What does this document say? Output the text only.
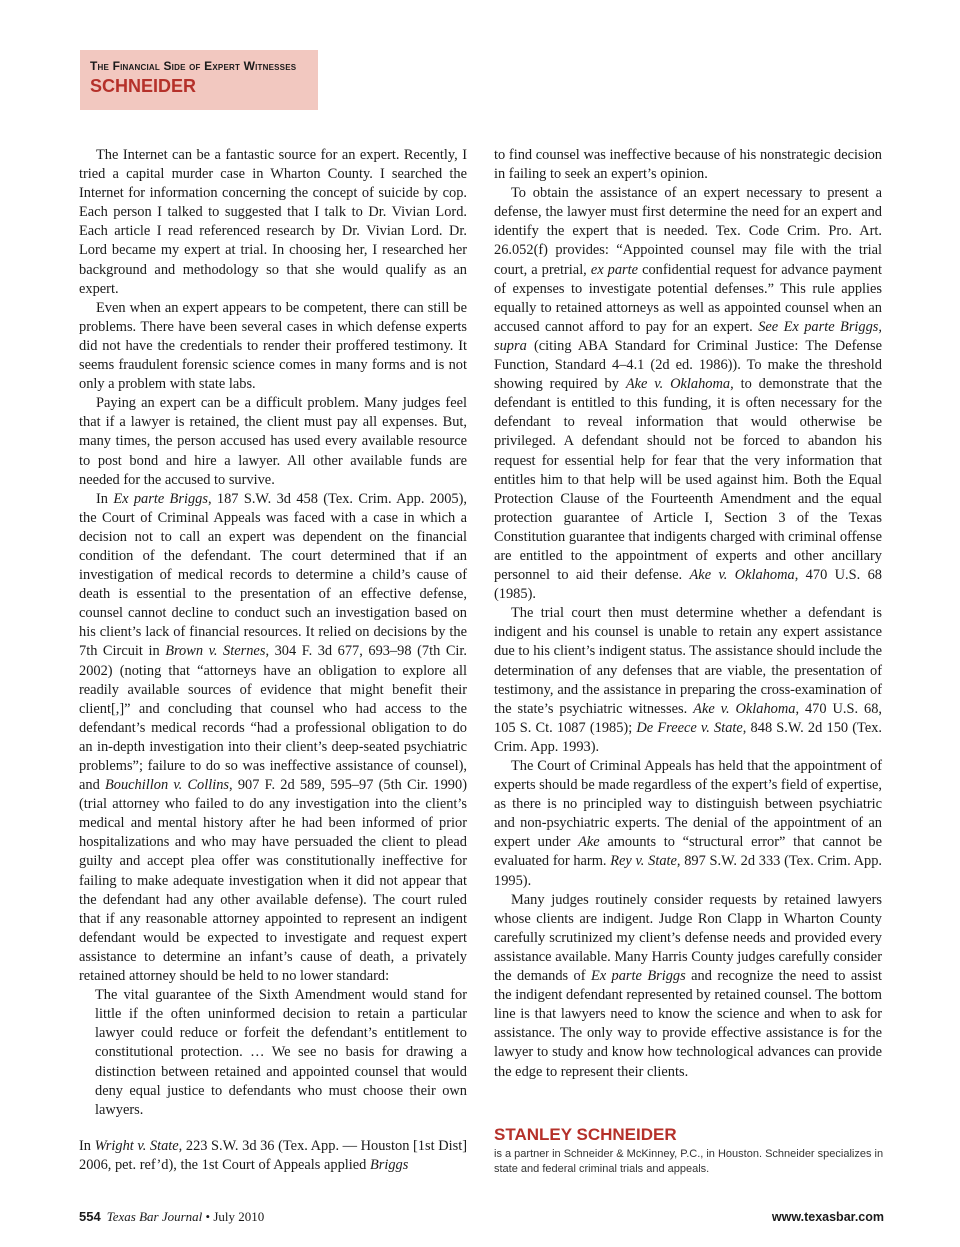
The Financial Side of Expert Witnesses
SCHNEIDER

The Internet can be a fantastic source for an expert. Recently, I tried a capital murder case in Wharton County. I searched the Internet for information concerning the concept of suicide by cop. Each person I talked to suggested that I talk to Dr. Vivian Lord. Each article I read referenced research by Dr. Vivian Lord. Dr. Lord became my expert at trial. In choosing her, I researched her background and methodology so that she would qualify as an expert.

Even when an expert appears to be competent, there can still be problems. There have been several cases in which defense experts did not have the credentials to render their proffered testimony. It seems fraudulent forensic science comes in many forms and is not only a problem with state labs.

Paying an expert can be a difficult problem. Many judges feel that if a lawyer is retained, the client must pay all expenses. But, many times, the person accused has used every available resource to post bond and hire a lawyer. All other available funds are needed for the accused to survive.

In Ex parte Briggs, 187 S.W. 3d 458 (Tex. Crim. App. 2005), the Court of Criminal Appeals was faced with a case in which a decision not to call an expert was dependent on the financial condition of the defendant. The court determined that if an investigation of medical records to determine a child’s cause of death is essential to the presentation of an effective defense, counsel cannot decline to conduct such an investigation based on his client’s lack of financial resources. It relied on decisions by the 7th Circuit in Brown v. Sternes, 304 F. 3d 677, 693–98 (7th Cir. 2002) (noting that “attorneys have an obligation to explore all readily available sources of evidence that might benefit their client[,]” and concluding that counsel who had access to the defendant’s medical records “had a professional obligation to do an in-depth investigation into their client’s deep-seated psychiatric problems”; failure to do so was ineffective assistance of counsel), and Bouchillon v. Collins, 907 F. 2d 589, 595–97 (5th Cir. 1990) (trial attorney who failed to do any investigation into the client’s medical and mental history after he had been informed of prior hospitalizations and who may have persuaded the client to plead guilty and accept plea offer was constitutionally ineffective for failing to make adequate investigation when it did not appear that the defendant had any other available defense). The court ruled that if any reasonable attorney appointed to represent an indigent defendant would be expected to investigate and request expert assistance to determine an infant’s cause of death, a privately retained attorney should be held to no lower standard:

The vital guarantee of the Sixth Amendment would stand for little if the often uninformed decision to retain a particular lawyer could reduce or forfeit the defendant’s entitlement to constitutional protection. … We see no basis for drawing a distinction between retained and appointed counsel that would deny equal justice to defendants who must choose their own lawyers.

In Wright v. State, 223 S.W. 3d 36 (Tex. App. — Houston [1st Dist] 2006, pet. ref’d), the 1st Court of Appeals applied Briggs

to find counsel was ineffective because of his nonstrategic decision in failing to seek an expert’s opinion.

To obtain the assistance of an expert necessary to present a defense, the lawyer must first determine the need for an expert and identify the expert that is needed. Tex. Code Crim. Pro. Art. 26.052(f) provides: “Appointed counsel may file with the trial court, a pretrial, ex parte confidential request for advance payment of expenses to investigate potential defenses.” This rule applies equally to retained attorneys as well as appointed counsel when an accused cannot afford to pay for an expert. See Ex parte Briggs, supra (citing ABA Standard for Criminal Justice: The Defense Function, Standard 4–4.1 (2d ed. 1986)). To make the threshold showing required by Ake v. Oklahoma, to demonstrate that the defendant is entitled to this funding, it is often necessary for the defendant to reveal information that would otherwise be privileged. A defendant should not be forced to abandon his request for essential help for fear that the very information that entitles him to that help will be used against him. Both the Equal Protection Clause of the Fourteenth Amendment and the equal protection guarantee of Article I, Section 3 of the Texas Constitution guarantee that indigents charged with criminal offense are entitled to the appointment of experts and other ancillary personnel to aid their defense. Ake v. Oklahoma, 470 U.S. 68 (1985).

The trial court then must determine whether a defendant is indigent and his counsel is unable to retain any expert assistance due to his client’s indigent status. The assistance should include the determination of any defenses that are viable, the presentation of testimony, and the assistance in preparing the cross-examination of the state’s psychiatric witnesses. Ake v. Oklahoma, 470 U.S. 68, 105 S. Ct. 1087 (1985); De Freece v. State, 848 S.W. 2d 150 (Tex. Crim. App. 1993).

The Court of Criminal Appeals has held that the appointment of experts should be made regardless of the expert’s field of expertise, as there is no principled way to distinguish between psychiatric and non-psychiatric experts. The denial of the appointment of an expert under Ake amounts to “structural error” that cannot be evaluated for harm. Rey v. State, 897 S.W. 2d 333 (Tex. Crim. App. 1995).

Many judges routinely consider requests by retained lawyers whose clients are indigent. Judge Ron Clapp in Wharton County carefully scrutinized my client’s defense needs and provided every assistance available. Many Harris County judges carefully consider the demands of Ex parte Briggs and recognize the need to assist the indigent defendant represented by retained counsel. The bottom line is that lawyers need to know the science and when to ask for assistance. The only way to provide effective assistance is for the lawyer to study and know how technological advances can provide the edge to represent their clients.

STANLEY SCHNEIDER
is a partner in Schneider & McKinney, P.C., in Houston. Schneider specializes in state and federal criminal trials and appeals.
554 Texas Bar Journal • July 2010	www.texasbar.com
